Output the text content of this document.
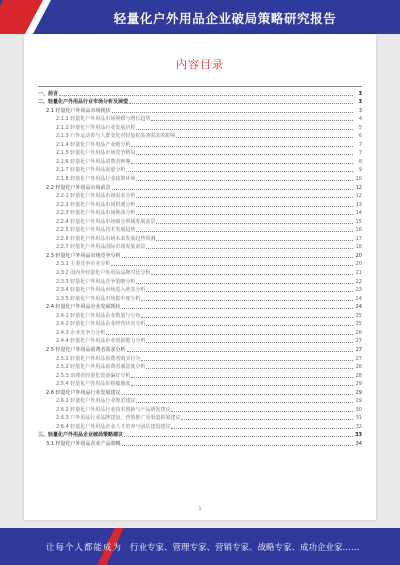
轻量化户外用品企业破局策略研究报告
内容目录
一、前言	3
二、轻量化户外用品行业市场分析及展望	3
2.1 轻量化户外用品市场现状	3
2.1.1 轻量化户外用品市场规模与增长趋势	4
2.1.2 轻量化户外用品行业发展历程	5
2.1.3 户外运动参与人群变化对轻量化装备需求的影响	6
2.1.4 轻量化户外用品产业链分析	7
2.1.5 轻量化户外用品市场竞争格局	7
2.1.6 轻量化户外用品消费者画像	8
2.1.7 轻量化户外用品渠道分析	9
2.1.8 轻量化户外用品行业政策环境	10
2.2 轻量化户外用品市场前景	12
2.2.1 轻量化户外用品市场需求分析	12
2.2.2 轻量化户外用品市场机遇分析	13
2.2.3 轻量化户外用品市场挑战分析	14
2.2.4 轻量化户外用品市场细分领域发展前景	15
2.2.5 轻量化户外用品技术发展趋势	16
2.2.6 轻量化户外用品市场未来发展趋势预测	17
2.2.7 轻量化户外用品国际市场发展前景	18
2.3 轻量化户外用品市场竞争分析	20
2.3.1 主要竞争企业分析	20
2.3.2 国内外轻量化户外用品品牌对比分析	21
2.3.3 轻量化户外用品竞争策略分析	22
2.3.4 轻量化户外用品市场进入壁垒分析	23
2.3.5 轻量化户外用品市场集中度分析	24
2.4 轻量化户外用品企业发展现状	24
2.4.1 轻量化户外用品企业数量与分布	25
2.4.2 轻量化户外用品企业经营状况分析	25
2.4.3 企业竞争力分析	26
2.4.4 轻量化户外用品企业创新能力分析	27
2.5 轻量化户外用品消费者需求分析	27
2.5.1 轻量化户外用品消费者购买行为	27
2.5.2 轻量化户外用品消费者满意度分析	28
2.5.3 消费者轻量化装备偏好分析	28
2.5.4 轻量化户外用品价格敏感度	29
2.6 轻量化户外用品行业发展建议	29
2.6.1 轻量化户外用品行业规范建议	29
2.6.2 轻量化户外用品行业技术创新与产品研发建议	30
2.6.3 户外用品行业品牌建设、营销推广及渠道拓展建议	31
2.6.4 轻量化户外用品企业人才培养与团队建设建议	32
三、轻量化户外用品企业破局策略建议	33
3.1 轻量化户外用品企业产品策略	34
1
让每个人都能成为 行业专家、管理专家、营销专家、战略专家、成功企业家……
